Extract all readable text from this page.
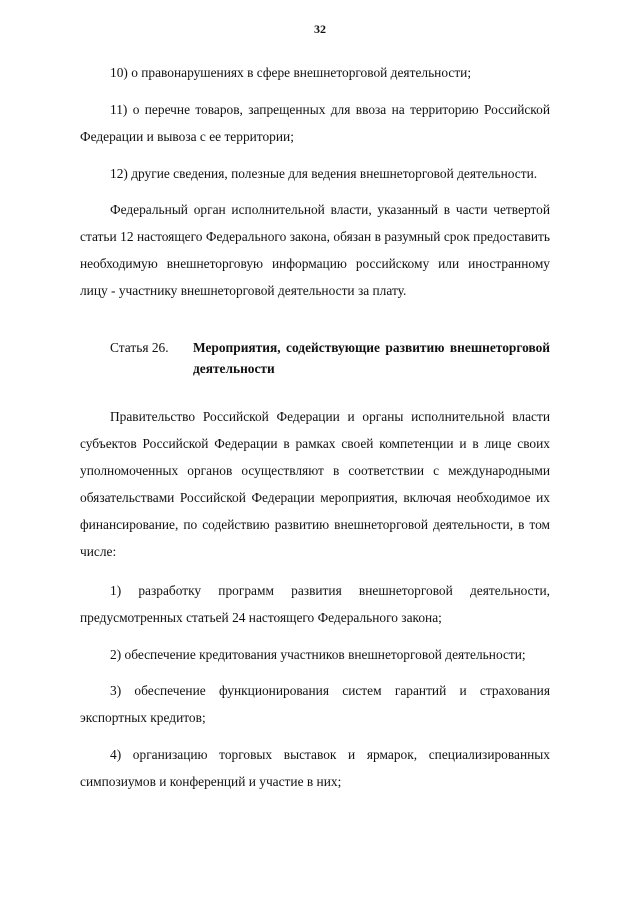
32

10) о правонарушениях в сфере внешнеторговой деятельности;

11) о перечне товаров, запрещенных для ввоза на территорию Российской Федерации и вывоза с ее территории;

12) другие сведения, полезные для ведения внешнеторговой деятельности.

Федеральный орган исполнительной власти, указанный в части четвертой статьи 12 настоящего Федерального закона, обязан в разумный срок предоставить необходимую внешнеторговую информацию российскому или иностранному лицу - участнику внешнеторговой деятельности за плату.

Статья 26. Мероприятия, содействующие развитию внешнеторговой деятельности

Правительство Российской Федерации и органы исполнительной власти субъектов Российской Федерации в рамках своей компетенции и в лице своих уполномоченных органов осуществляют в соответствии с международными обязательствами Российской Федерации мероприятия, включая необходимое их финансирование, по содействию развитию внешнеторговой деятельности, в том числе:

1) разработку программ развития внешнеторговой деятельности, предусмотренных статьей 24 настоящего Федерального закона;

2) обеспечение кредитования участников внешнеторговой деятельности;

3) обеспечение функционирования систем гарантий и страхования экспортных кредитов;

4) организацию торговых выставок и ярмарок, специализированных симпозиумов и конференций и участие в них;
